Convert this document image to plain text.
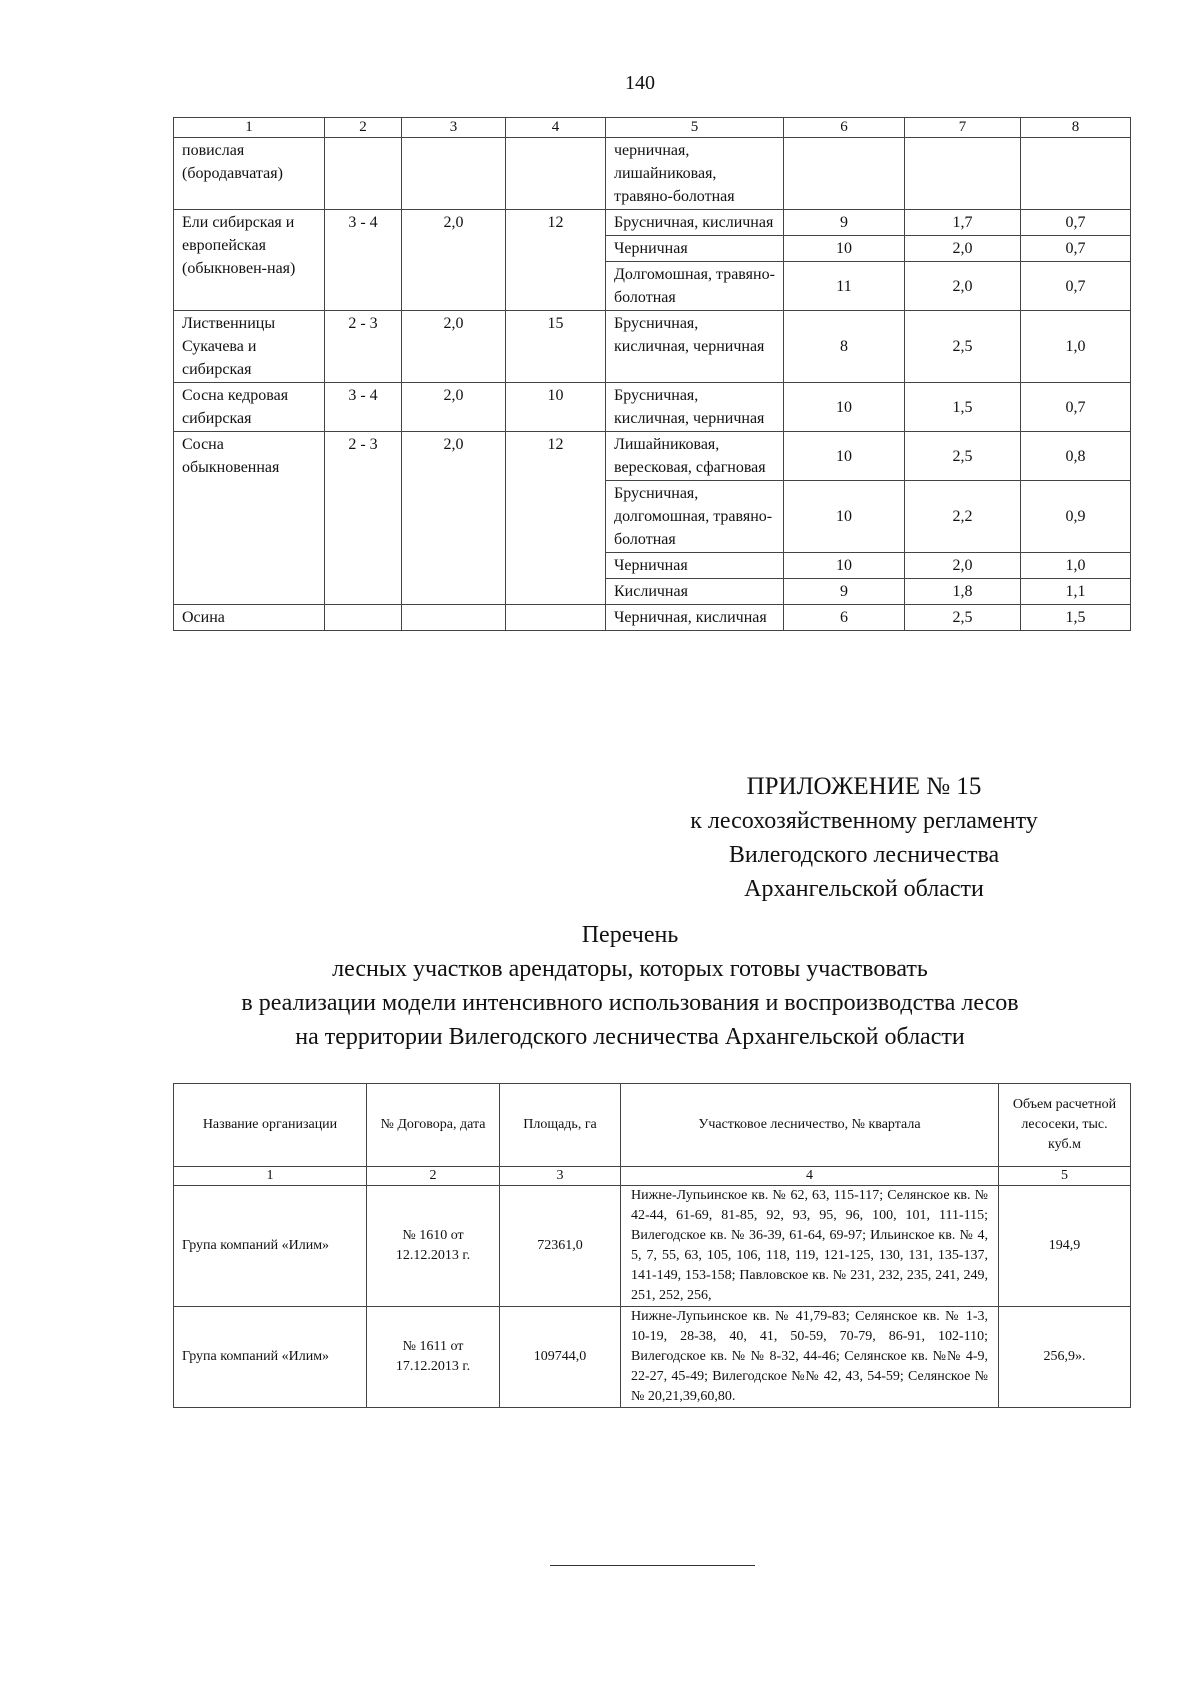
140
1	2	3	4	5	6	7	8
повислая (бородавчатая)				черничная, лишайниковая, травяно-болотная			
Ели сибирская и европейская (обыкновен-ная)	3 - 4	2,0	12	Брусничная, кисличная	9	1,7	0,7
				Черничная	10	2,0	0,7
				Долгомошная, травяно-болотная	11	2,0	0,7
Лиственницы Сукачева и сибирская	2 - 3	2,0	15	Брусничная, кисличная, черничная	8	2,5	1,0
Сосна кедровая сибирская	3 - 4	2,0	10	Брусничная, кисличная, черничная	10	1,5	0,7
Сосна обыкновенная	2 - 3	2,0	12	Лишайниковая, вересковая, сфагновая	10	2,5	0,8
				Брусничная, долгомошная, травяно-болотная	10	2,2	0,9
				Черничная	10	2,0	1,0
				Кисличная	9	1,8	1,1
Осина				Черничная, кисличная	6	2,5	1,5
ПРИЛОЖЕНИЕ № 15
к лесохозяйственному регламенту
Вилегодского лесничества
Архангельской области
Перечень
лесных участков арендаторы, которых готовы участвовать
в реализации модели интенсивного использования и воспроизводства лесов
на территории Вилегодского лесничества Архангельской области
Название организации	№ Договора, дата	Площадь, га	Участковое лесничество, № квартала	Объем расчетной лесосеки, тыс. куб.м
1	2	3	4	5
Група компаний «Илим»	№ 1610 от 12.12.2013 г.	72361,0	Нижне-Лупьинское кв. № 62, 63, 115-117; Селянское кв. № 42-44, 61-69, 81-85, 92, 93, 95, 96, 100, 101, 111-115; Вилегодское кв. № 36-39, 61-64, 69-97; Ильинское кв. № 4, 5, 7, 55, 63, 105, 106, 118, 119, 121-125, 130, 131, 135-137, 141-149, 153-158; Павловское кв. № 231, 232, 235, 241, 249, 251, 252, 256,	194,9
Група компаний «Илим»	№ 1611 от 17.12.2013 г.	109744,0	Нижне-Лупьинское кв. № 41,79-83; Селянское кв. № 1-3, 10-19, 28-38, 40, 41, 50-59, 70-79, 86-91, 102-110; Вилегодское кв. № № 8-32, 44-46; Селянское кв. №№ 4-9, 22-27, 45-49; Вилегодское №№ 42, 43, 54-59; Селянское №№ 20,21,39,60,80.	256,9».
